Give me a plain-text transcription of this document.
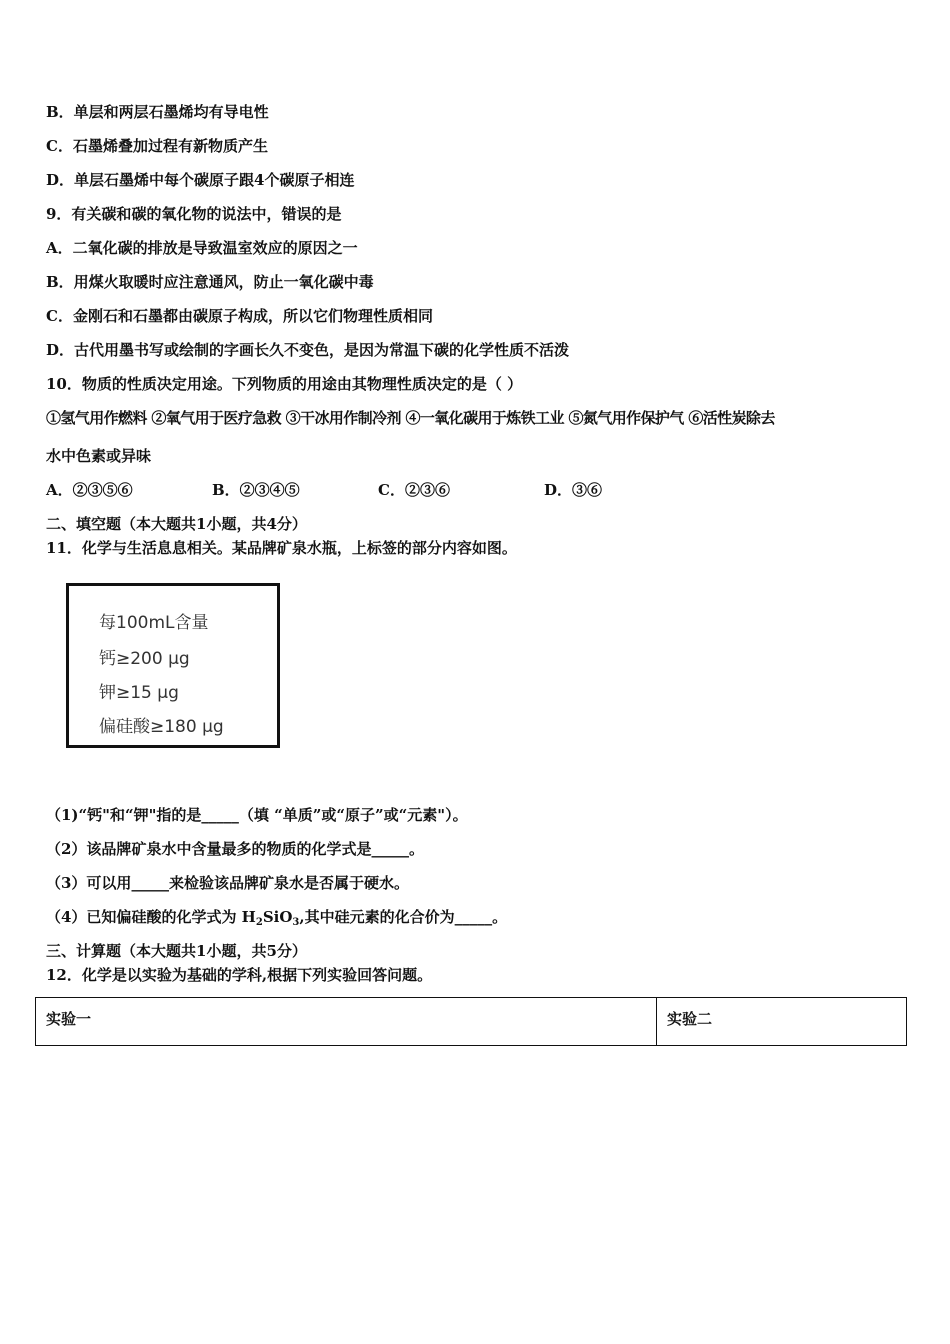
B．单层和两层石墨烯均有导电性
C．石墨烯叠加过程有新物质产生
D．单层石墨烯中每个碳原子跟4个碳原子相连
9．有关碳和碳的氧化物的说法中，错误的是
A．二氧化碳的排放是导致温室效应的原因之一
B．用煤火取暖时应注意通风，防止一氧化碳中毒
C．金刚石和石墨都由碳原子构成，所以它们物理性质相同
D．古代用墨书写或绘制的字画长久不变色，是因为常温下碳的化学性质不活泼
10．物质的性质决定用途。下列物质的用途由其物理性质决定的是（ ）
①氢气用作燃料 ②氧气用于医疗急救 ③干冰用作制冷剂 ④一氧化碳用于炼铁工业 ⑤氮气用作保护气 ⑥活性炭除去
水中色素或异味
A．②③⑤⑥	B．②③④⑤	C．②③⑥	D．③⑥
二、填空题（本大题共1小题，共4分）
11．化学与生活息息相关。某品牌矿泉水瓶，上标签的部分内容如图。
每100mL含量
钙≥200 μg
钾≥15 μg
偏硅酸≥180 μg
（1)“钙"和“钾"指的是_____（填 “单质”或“原子”或“元素"）。
（2）该品牌矿泉水中含量最多的物质的化学式是_____。
（3）可以用_____来检验该品牌矿泉水是否属于硬水。
（4）已知偏硅酸的化学式为 $H_2SiO_3$,其中硅元素的化合价为_____。
三、计算题（本大题共1小题，共5分）
12．化学是以实验为基础的学科,根据下列实验回答问题。
实验一	实验二
